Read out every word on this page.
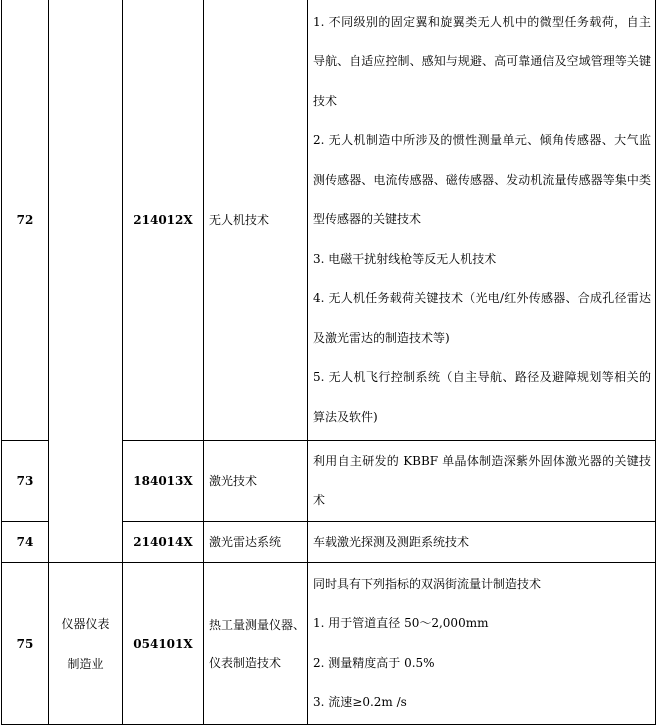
72		214012X	无人机技术	1. 不同级别的固定翼和旋翼类无人机中的微型任务载荷，自主导航、自适应控制、感知与规避、高可靠通信及空域管理等关键技术

2. 无人机制造中所涉及的惯性测量单元、倾角传感器、大气监测传感器、电流传感器、磁传感器、发动机流量传感器等集中类型传感器的关键技术

3. 电磁干扰射线枪等反无人机技术

4. 无人机任务载荷关键技术（光电/红外传感器、合成孔径雷达及激光雷达的制造技术等)

5. 无人机飞行控制系统（自主导航、路径及避障规划等相关的算法及软件)

73		184013X	激光技术	利用自主研发的 KBBF 单晶体制造深紫外固体激光器的关键技术

74		214014X	激光雷达系统	车载激光探测及测距系统技术

75	仪器仪表制造业	054101X	热工量测量仪器、仪表制造技术	同时具有下列指标的双涡街流量计制造技术

1. 用于管道直径 50～2,000mm

2. 测量精度高于 0.5%

3. 流速≥0.2m /s
